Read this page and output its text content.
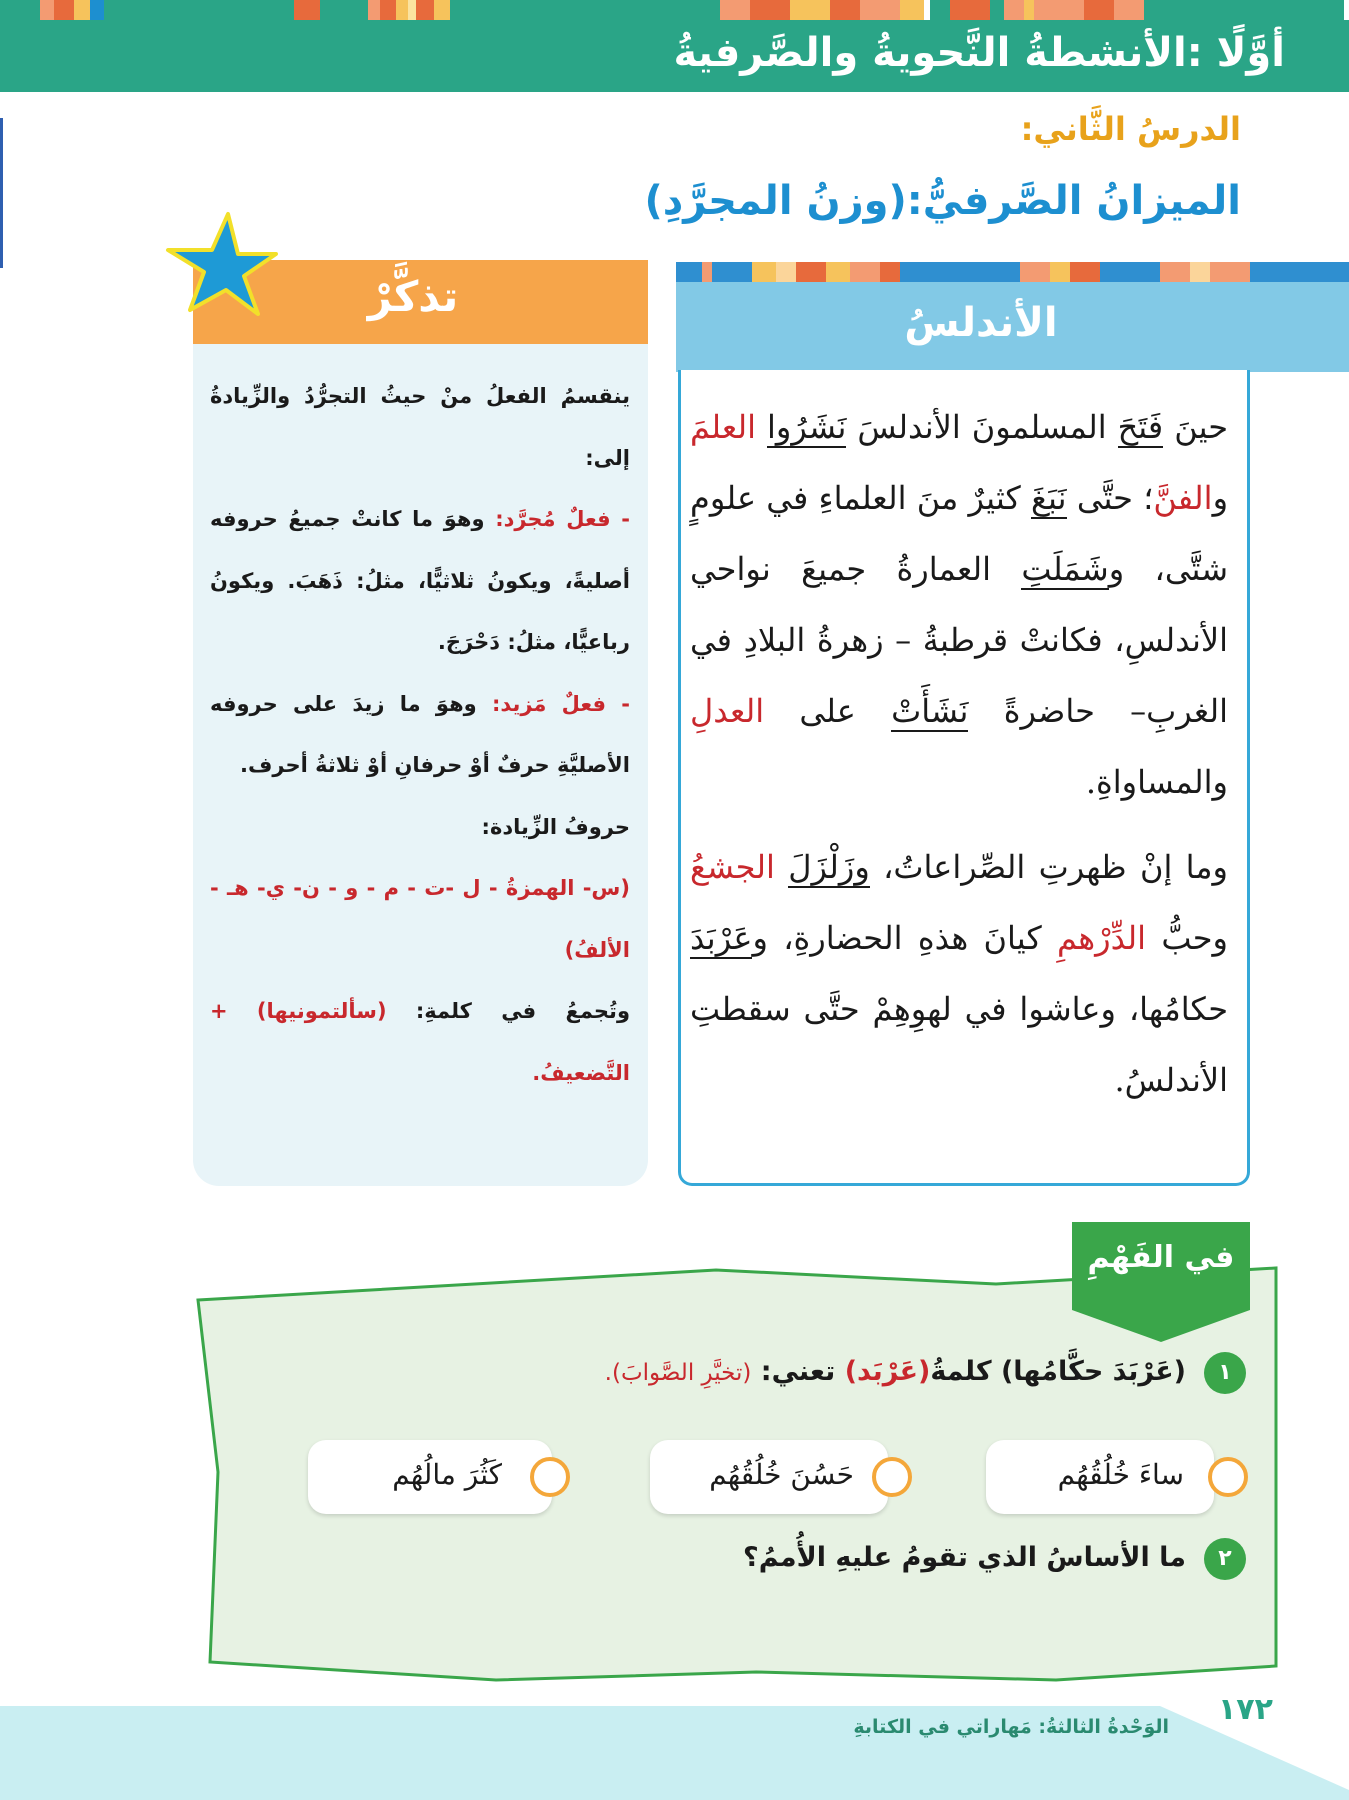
أوَّلًا :الأنشطةُ النَّحويةُ والصَّرفيةُ
الدرسُ الثَّاني:
الميزانُ الصَّرفيُّ:(وزنُ المجرَّدِ)
الأندلسُ

حينَ فَتَحَ المسلمونَ الأندلسَ نَشَرُوا العلمَ والفنَّ؛ حتَّى نَبَغَ كثيرٌ منَ العلماءِ في علومٍ شتَّى، وشَمَلَتِ العمارةُ جميعَ نواحي الأندلسِ، فكانتْ قرطبةُ – زهرةُ البلادِ في الغربِ– حاضرةً نَشَأَتْ على العدلِ والمساواةِ.

وما إنْ ظهرتِ الصِّراعاتُ، وزَلْزَلَ الجشعُ وحبُّ الدِّرْهمِ كيانَ هذهِ الحضارةِ، وعَرْبَدَ حكامُها، وعاشوا في لهوِهِمْ حتَّى سقطتِ الأندلسُ.

تذكَّرْ

ينقسمُ الفعلُ منْ حيثُ التجرُّدُ والزِّيادةُ إلى:

- فعلٌ مُجرَّد: وهوَ ما كانتْ جميعُ حروفه أصليةً، ويكونُ ثلاثيًّا، مثلُ: ذَهَبَ. ويكونُ رباعيًّا، مثلُ: دَحْرَجَ.

- فعلٌ مَزيد: وهوَ ما زيدَ على حروفه الأصليَّةِ حرفٌ أوْ حرفانِ أوْ ثلاثةُ أحرف.

حروفُ الزِّيادة:

(س- الهمزةُ - ل -ت - م - و - ن- ي- هـ - الألفُ)

وتُجمعُ في كلمةِ: (سألتمونيها) + التَّضعيفُ.

في الفَهْمِ
١
(عَرْبَدَ حكَّامُها) كلمةُ(عَرْبَد) تعني: (تخيَّرِ الصَّوابَ).
ساءَ خُلُقُهُم
حَسُنَ خُلُقُهُم
كَثُرَ مالُهُم
٢
ما الأساسُ الذي تقومُ عليهِ الأُممُ؟
الوَحْدةُ الثالثةُ: مَهاراتي في الكتابةِ ١٧٢
